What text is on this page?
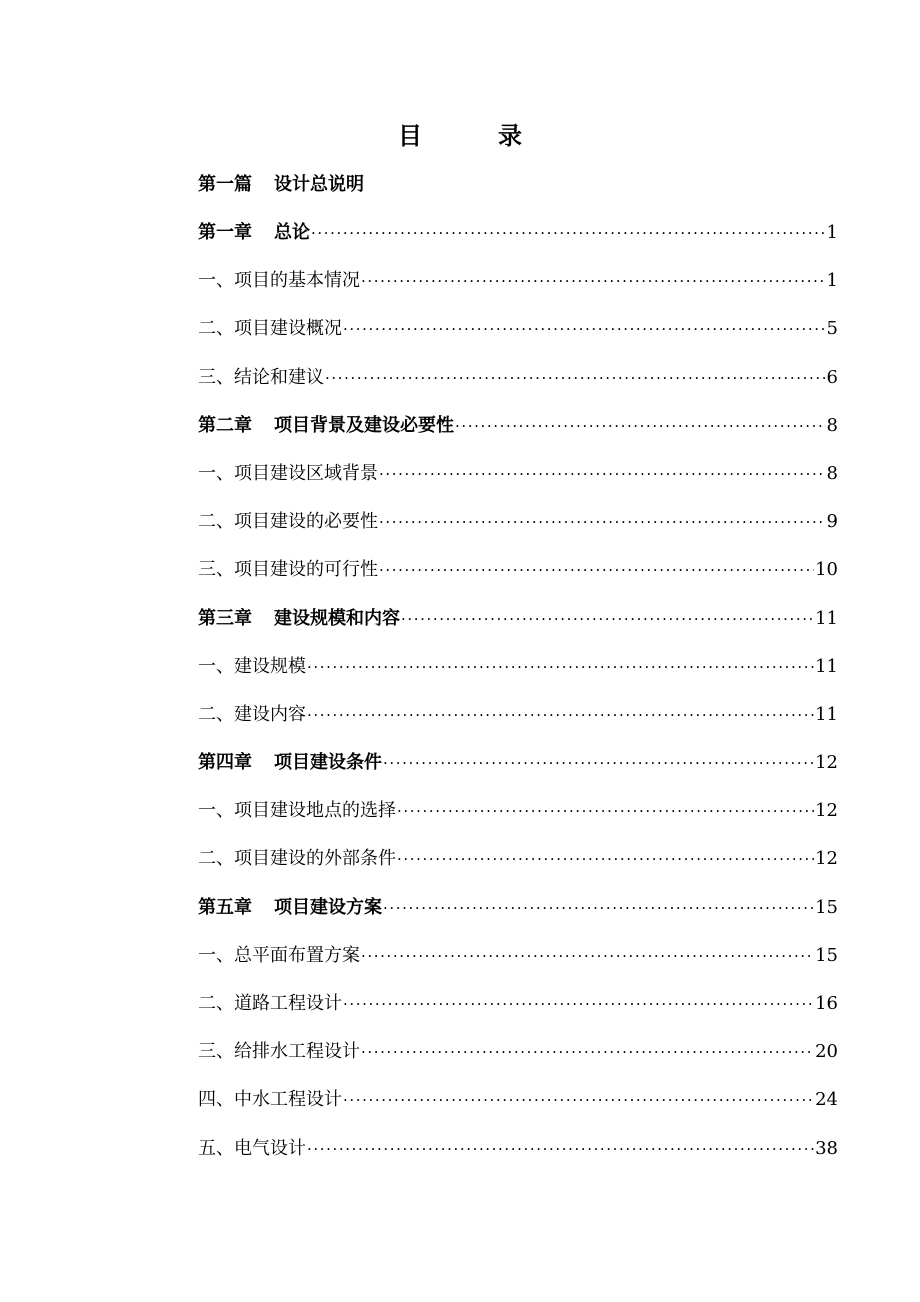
目　录
第一篇 设计总说明
第一章 总论 ·····	1
一、项目的基本情况 ·····	1
二、项目建设概况 ·····	5
三、结论和建议 ·····	6
第二章 项目背景及建设必要性 ·····	8
一、项目建设区域背景 ·····	8
二、项目建设的必要性 ·····	9
三、项目建设的可行性 ·····	10
第三章 建设规模和内容 ·····	11
一、建设规模 ·····	11
二、建设内容 ·····	11
第四章 项目建设条件 ·····	12
一、项目建设地点的选择 ·····	12
二、项目建设的外部条件 ·····	12
第五章 项目建设方案 ·····	15
一、总平面布置方案 ·····	15
二、道路工程设计 ·····	16
三、给排水工程设计 ·····	20
四、中水工程设计 ·····	24
五、电气设计 ·····	38
